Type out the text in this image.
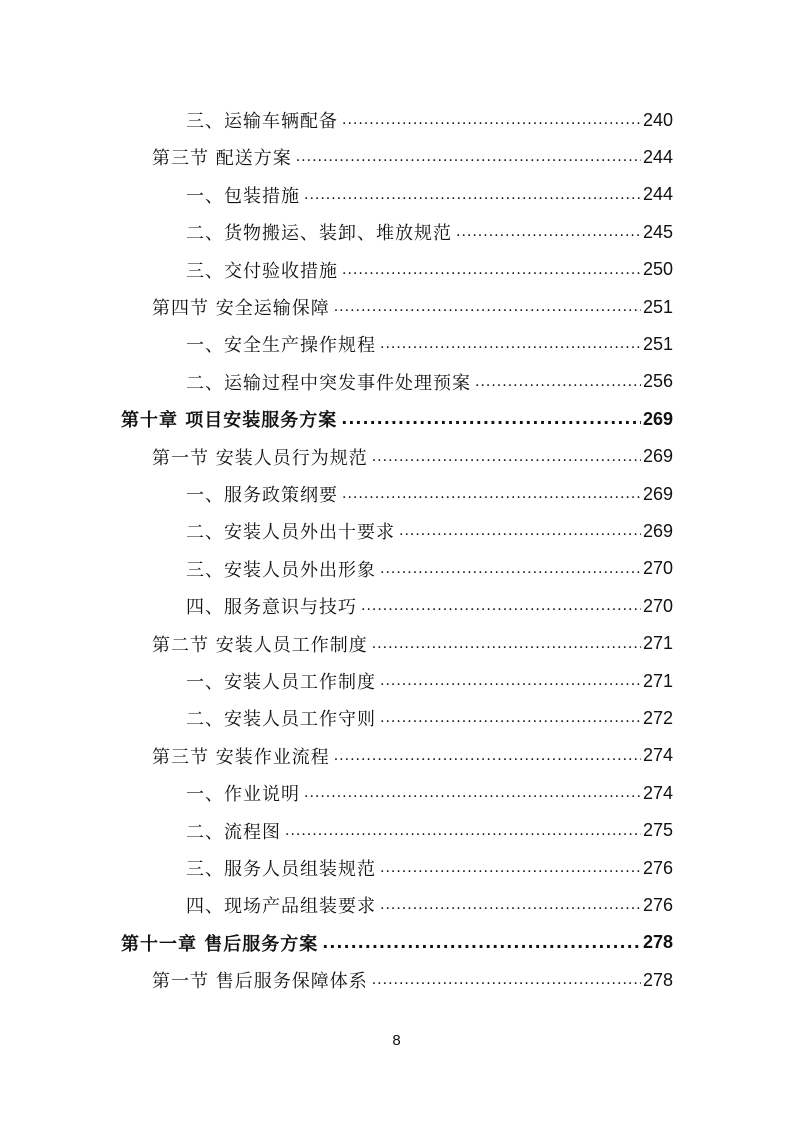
三、运输车辆配备 .....	240
第三节 配送方案 .....	244
一、包装措施 .....	244
二、货物搬运、装卸、堆放规范 .....	245
三、交付验收措施 .....	250
第四节 安全运输保障 .....	251
一、安全生产操作规程 .....	251
二、运输过程中突发事件处理预案 .....	256
第十章 项目安装服务方案 .....	269
第一节 安装人员行为规范 .....	269
一、服务政策纲要 .....	269
二、安装人员外出十要求 .....	269
三、安装人员外出形象 .....	270
四、服务意识与技巧 .....	270
第二节 安装人员工作制度 .....	271
一、安装人员工作制度 .....	271
二、安装人员工作守则 .....	272
第三节 安装作业流程 .....	274
一、作业说明 .....	274
二、流程图 .....	275
三、服务人员组装规范 .....	276
四、现场产品组装要求 .....	276
第十一章 售后服务方案 .....	278
第一节 售后服务保障体系 .....	278
8
